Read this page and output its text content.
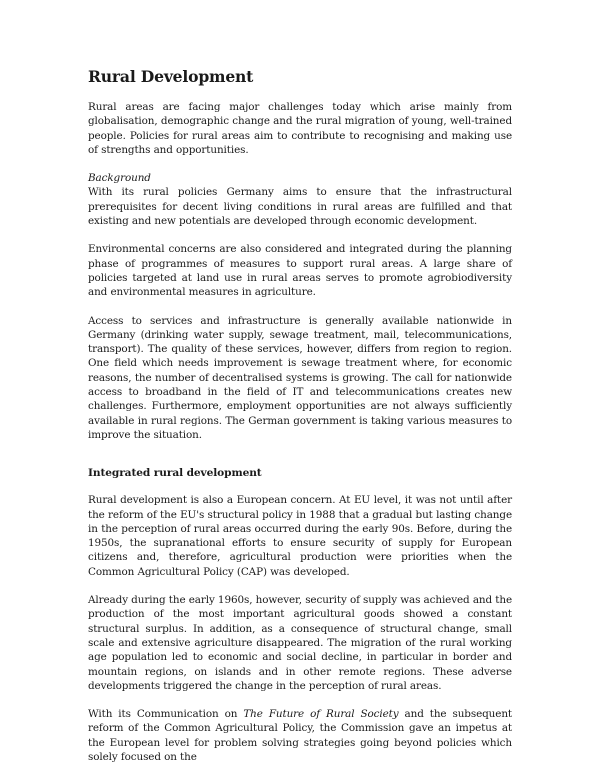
Rural Development

Rural areas are facing major challenges today which arise mainly from globalisation, demographic change and the rural migration of young, well-trained people. Policies for rural areas aim to contribute to recognising and making use of strengths and opportunities.

Background

With its rural policies Germany aims to ensure that the infrastructural prerequisites for decent living conditions in rural areas are fulfilled and that existing and new potentials are developed through economic development.

Environmental concerns are also considered and integrated during the planning phase of programmes of measures to support rural areas. A large share of policies targeted at land use in rural areas serves to promote agrobiodiversity and environmental measures in agriculture.

Access to services and infrastructure is generally available nationwide in Germany (drinking water supply, sewage treatment, mail, telecommunications, transport). The quality of these services, however, differs from region to region. One field which needs improvement is sewage treatment where, for economic reasons, the number of decentralised systems is growing. The call for nationwide access to broadband in the field of IT and telecommunications creates new challenges. Furthermore, employment opportunities are not always sufficiently available in rural regions. The German government is taking various measures to improve the situation.

Integrated rural development

Rural development is also a European concern. At EU level, it was not until after the reform of the EU's structural policy in 1988 that a gradual but lasting change in the perception of rural areas occurred during the early 90s. Before, during the 1950s, the supranational efforts to ensure security of supply for European citizens and, therefore, agricultural production were priorities when the Common Agricultural Policy (CAP) was developed.

Already during the early 1960s, however, security of supply was achieved and the production of the most important agricultural goods showed a constant structural surplus. In addition, as a consequence of structural change, small scale and extensive agriculture disappeared. The migration of the rural working age population led to economic and social decline, in particular in border and mountain regions, on islands and in other remote regions. These adverse developments triggered the change in the perception of rural areas.

With its Communication on The Future of Rural Society and the subsequent reform of the Common Agricultural Policy, the Commission gave an impetus at the European level for problem solving strategies going beyond policies which solely focused on the
